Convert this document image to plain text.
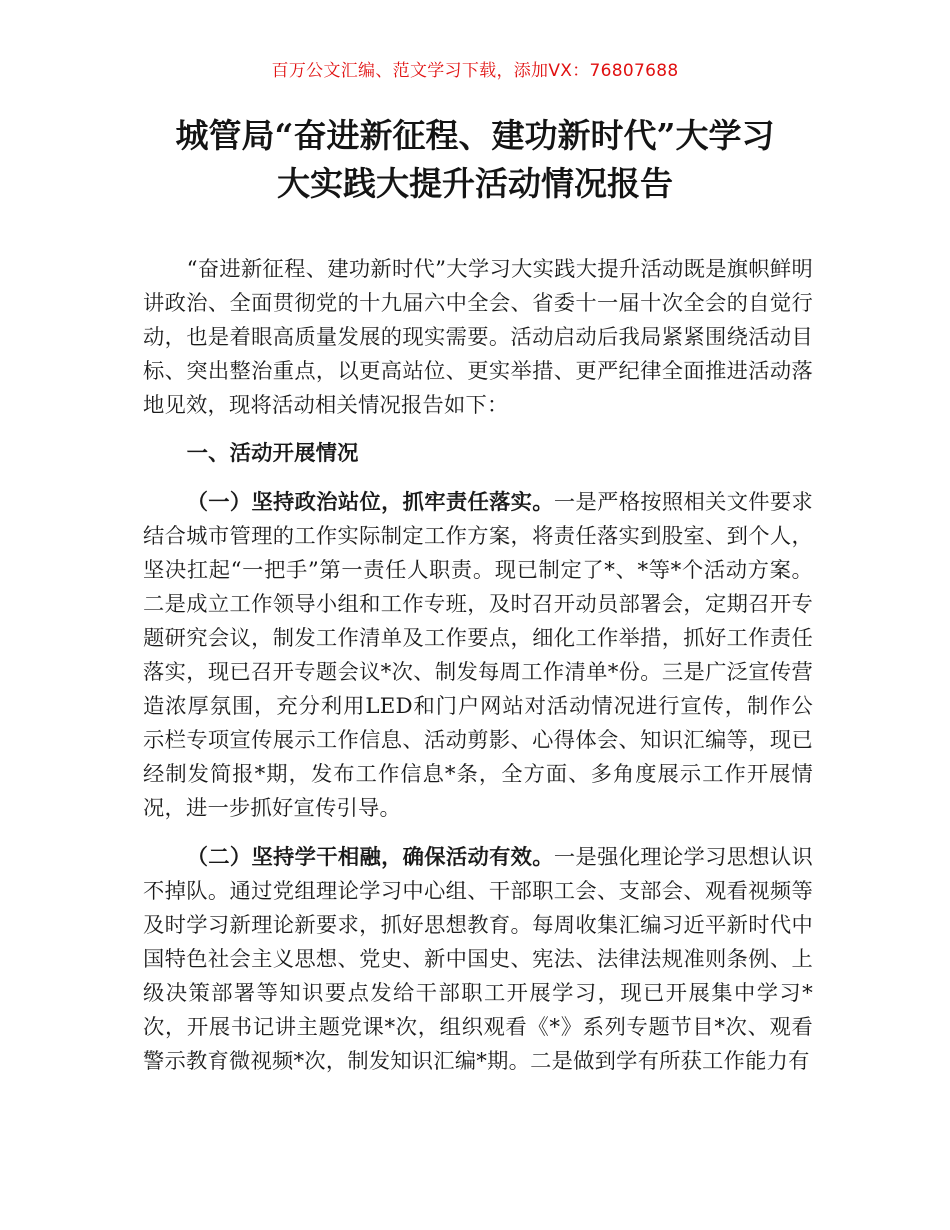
百万公文汇编、范文学习下载，添加VX：76807688
城管局“奋进新征程、建功新时代”大学习
大实践大提升活动情况报告

“奋进新征程、建功新时代”大学习大实践大提升活动既是旗帜鲜明讲政治、全面贯彻党的十九届六中全会、省委十一届十次全会的自觉行动，也是着眼高质量发展的现实需要。活动启动后我局紧紧围绕活动目标、突出整治重点，以更高站位、更实举措、更严纪律全面推进活动落地见效，现将活动相关情况报告如下：

一、活动开展情况

（一）坚持政治站位，抓牢责任落实。一是严格按照相关文件要求结合城市管理的工作实际制定工作方案，将责任落实到股室、到个人，坚决扛起“一把手”第一责任人职责。现已制定了*、*等*个活动方案。二是成立工作领导小组和工作专班，及时召开动员部署会，定期召开专题研究会议，制发工作清单及工作要点，细化工作举措，抓好工作责任落实，现已召开专题会议*次、制发每周工作清单*份。三是广泛宣传营造浓厚氛围，充分利用LED和门户网站对活动情况进行宣传，制作公示栏专项宣传展示工作信息、活动剪影、心得体会、知识汇编等，现已经制发简报*期，发布工作信息*条，全方面、多角度展示工作开展情况，进一步抓好宣传引导。

（二）坚持学干相融，确保活动有效。一是强化理论学习思想认识不掉队。通过党组理论学习中心组、干部职工会、支部会、观看视频等及时学习新理论新要求，抓好思想教育。每周收集汇编习近平新时代中国特色社会主义思想、党史、新中国史、宪法、法律法规准则条例、上级决策部署等知识要点发给干部职工开展学习，现已开展集中学习*次，开展书记讲主题党课*次，组织观看《*》系列专题节目*次、观看警示教育微视频*次，制发知识汇编*期。二是做到学有所获工作能力有
